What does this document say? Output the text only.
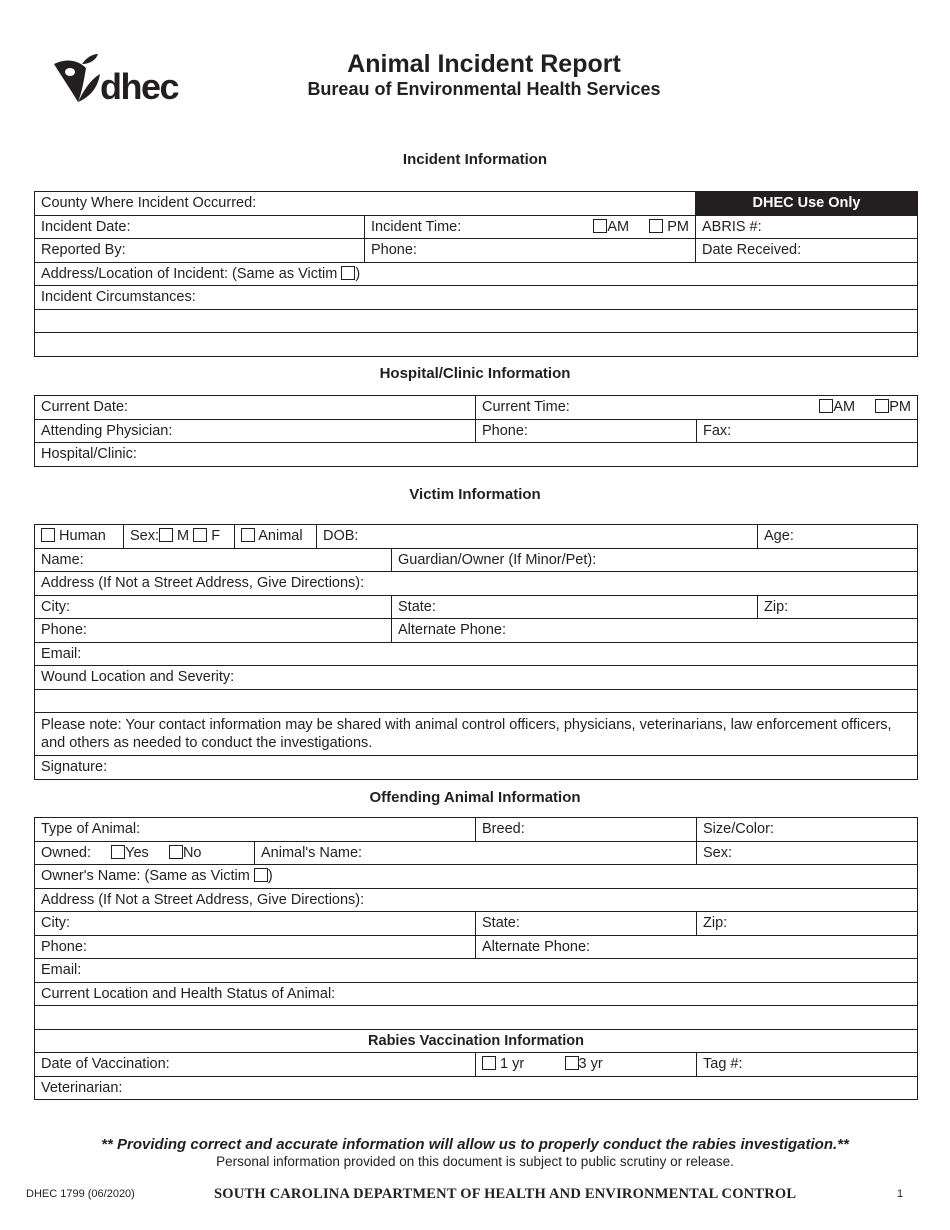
dhec
Animal Incident Report
Bureau of Environmental Health Services
Incident Information
County Where Incident Occurred:		DHEC Use Only
Incident Date:	Incident Time: AM PM	ABRIS #:
Reported By:	Phone:	Date Received:
Address/Location of Incident: (Same as Victim )		
Incident Circumstances:		

Hospital/Clinic Information
Current Date:	Current Time: AM PM	

Attending Physician:	Phone:	Fax:
Hospital/Clinic:		
Victim Information
Human	Sex: M F	Animal	DOB:		Age:
Name:				Guardian/Owner (If Minor/Pet):	
Address (If Not a Street Address, Give Directions):					
City:				State:	Zip:
Phone:				Alternate Phone:	
Email:					
Wound Location and Severity:					

Please note: Your contact information may be shared with animal control officers, physicians, veterinarians, law enforcement officers, and others as needed to conduct the investigations.					
Signature:					
Offending Animal Information
Type of Animal:		Breed:	Size/Color:
Owned: Yes No	Animal's Name:		Sex:
Owner's Name: (Same as Victim )			
Address (If Not a Street Address, Give Directions):			
City:		State:	Zip:
Phone:		Alternate Phone:	
Email:			
Current Location and Health Status of Animal:			

Rabies Vaccination Information			
Date of Vaccination:		1 yr 3 yr	Tag #:
Veterinarian:			
** Providing correct and accurate information will allow us to properly conduct the rabies investigation.**
Personal information provided on this document is subject to public scrutiny or release.
DHEC 1799 (06/2020)	SOUTH CAROLINA DEPARTMENT OF HEALTH AND ENVIRONMENTAL CONTROL	1
